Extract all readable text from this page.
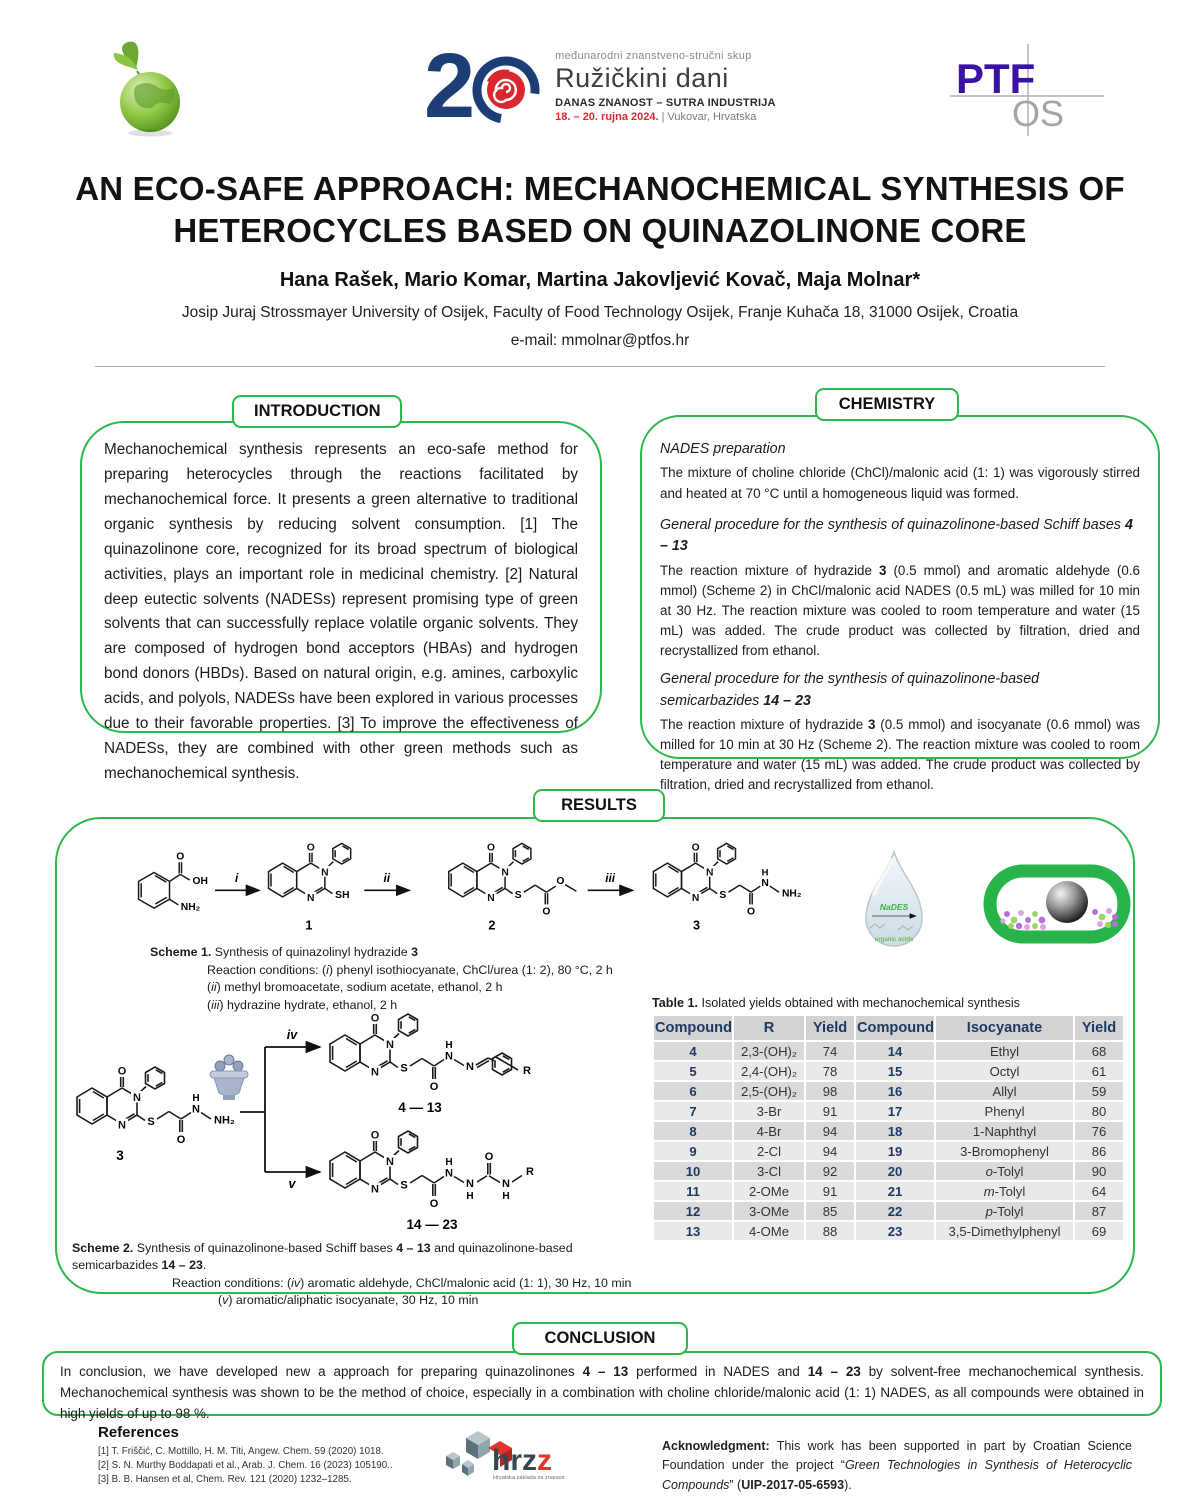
2	međunarodni znanstveno-stručni skup
Ružičkini dani
DANAS ZNANOST – SUTRA INDUSTRIJA
18. – 20. rujna 2024. | Vukovar, Hrvatska
PTF
OS
AN ECO-SAFE APPROACH: MECHANOCHEMICAL SYNTHESIS OF HETEROCYCLES BASED ON QUINAZOLINONE CORE
Hana Rašek, Mario Komar, Martina Jakovljević Kovač, Maja Molnar*
Josip Juraj Strossmayer University of Osijek, Faculty of Food Technology Osijek, Franje Kuhača 18, 31000 Osijek, Croatia
e-mail: mmolnar@ptfos.hr
INTRODUCTION
Mechanochemical synthesis represents an eco-safe method for preparing heterocycles through the reactions facilitated by mechanochemical force. It presents a green alternative to traditional organic synthesis by reducing solvent consumption. [1] The quinazolinone core, recognized for its broad spectrum of biological activities, plays an important role in medicinal chemistry. [2] Natural deep eutectic solvents (NADESs) represent promising type of green solvents that can successfully replace volatile organic solvents. They are composed of hydrogen bond acceptors (HBAs) and hydrogen bond donors (HBDs). Based on natural origin, e.g. amines, carboxylic acids, and polyols, NADESs have been explored in various processes due to their favorable properties. [3] To improve the effectiveness of NADESs, they are combined with other green methods such as mechanochemical synthesis.
CHEMISTRY
NADES preparation
The mixture of choline chloride (ChCl)/malonic acid (1: 1) was vigorously stirred and heated at 70 °C until a homogeneous liquid was formed.
General procedure for the synthesis of quinazolinone-based Schiff bases 4 – 13
The reaction mixture of hydrazide 3 (0.5 mmol) and aromatic aldehyde (0.6 mmol) (Scheme 2) in ChCl/malonic acid NADES (0.5 mL) was milled for 10 min at 30 Hz. The reaction mixture was cooled to room temperature and water (15 mL) was added. The crude product was collected by filtration, dried and recrystallized from ethanol.
General procedure for the synthesis of quinazolinone-based semicarbazides 14 – 23
The reaction mixture of hydrazide 3 (0.5 mmol) and isocyanate (0.6 mmol) was milled for 10 min at 30 Hz (Scheme 2). The reaction mixture was cooled to room temperature and water (15 mL) was added. The crude product was collected by filtration, dried and recrystallized from ethanol.
RESULTS
O
OH
NH₂
i
SH
1
ii
S
O
O
2
iii
S
O
N
H
NH₂
3
NaDES
organic acids
Scheme 1. Synthesis of quinazolinyl hydrazide 3
Reaction conditions: (i) phenyl isothiocyanate, ChCl/urea (1: 2), 80 °C, 2 h
(ii) methyl bromoacetate, sodium acetate, ethanol, 2 h
(iii) hydrazine hydrate, ethanol, 2 h
S
O
N
H
NH₂
3
iv
v
S
O
N
H
N	R
4 — 13
S
O
N
H
N
H
O
N
H
R
14 — 23
Scheme 2. Synthesis of quinazolinone-based Schiff bases 4 – 13 and quinazolinone-based semicarbazides 14 – 23.
Reaction conditions: (iv) aromatic aldehyde, ChCl/malonic acid (1: 1), 30 Hz, 10 min
(v) aromatic/aliphatic isocyanate, 30 Hz, 10 min
Table 1. Isolated yields obtained with mechanochemical synthesis
Compound	R	Yield	Compound	Isocyanate	Yield
4	2,3-(OH)₂	74	14	Ethyl	68
5	2,4-(OH)₂	78	15	Octyl	61
6	2,5-(OH)₂	98	16	Allyl	59
7	3-Br	91	17	Phenyl	80
8	4-Br	94	18	1-Naphthyl	76
9	2-Cl	94	19	3-Bromophenyl	86
10	3-Cl	92	20	o-Tolyl	90
11	2-OMe	91	21	m-Tolyl	64
12	3-OMe	85	22	p-Tolyl	87
13	4-OMe	88	23	3,5-Dimethylphenyl	69
CONCLUSION
In conclusion, we have developed new a approach for preparing quinazolinones 4 – 13 performed in NADES and 14 – 23 by solvent-free mechanochemical synthesis. Mechanochemical synthesis was shown to be the method of choice, especially in a combination with choline chloride/malonic acid (1: 1) NADES, as all compounds were obtained in high yields of up to 98 %.
References
[1] T. Friščić, C. Mottillo, H. M. Titi, Angew. Chem. 59 (2020) 1018.
[2] S. N. Murthy Boddapati et al., Arab. J. Chem. 16 (2023) 105190..
[3] B. B. Hansen et al, Chem. Rev. 121 (2020) 1232–1285.
hrzz
Hrvatska zaklada za znanost
Acknowledgment: This work has been supported in part by Croatian Science Foundation under the project “Green Technologies in Synthesis of Heterocyclic Compounds” (UIP-2017-05-6593).
